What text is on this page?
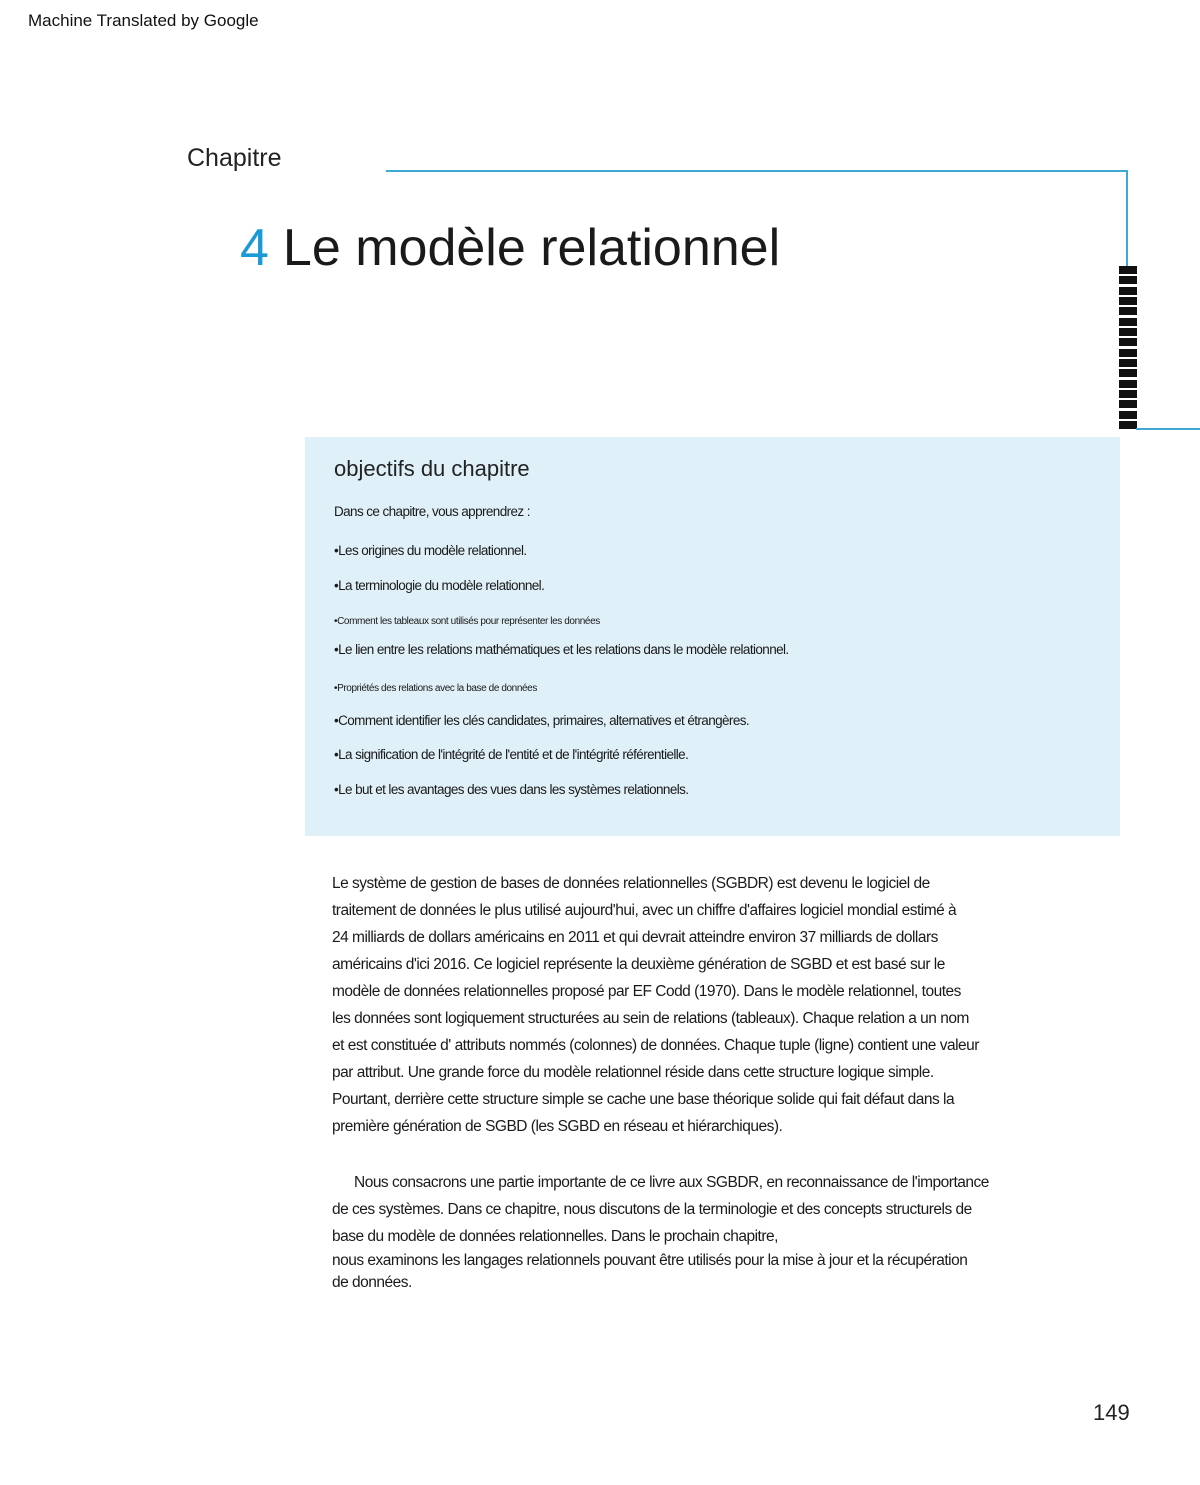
Machine Translated by Google
Chapitre
4 Le modèle relationnel
objectifs du chapitre
Dans ce chapitre, vous apprendrez :
•Les origines du modèle relationnel.
•La terminologie du modèle relationnel.
•Comment les tableaux sont utilisés pour représenter les données
•Le lien entre les relations mathématiques et les relations dans le modèle relationnel.
•Propriétés des relations avec la base de données
•Comment identifier les clés candidates, primaires, alternatives et étrangères.
•La signification de l'intégrité de l'entité et de l'intégrité référentielle.
•Le but et les avantages des vues dans les systèmes relationnels.
Le système de gestion de bases de données relationnelles (SGBDR) est devenu le logiciel de
traitement de données le plus utilisé aujourd'hui, avec un chiffre d'affaires logiciel mondial estimé à
24 milliards de dollars américains en 2011 et qui devrait atteindre environ 37 milliards de dollars
américains d'ici 2016. Ce logiciel représente la deuxième génération de SGBD et est basé sur le
modèle de données relationnelles proposé par EF Codd (1970). Dans le modèle relationnel, toutes
les données sont logiquement structurées au sein de relations (tableaux). Chaque relation a un nom
et est constituée d' attributs nommés (colonnes) de données. Chaque tuple (ligne) contient une valeur
par attribut. Une grande force du modèle relationnel réside dans cette structure logique simple.
Pourtant, derrière cette structure simple se cache une base théorique solide qui fait défaut dans la
première génération de SGBD (les SGBD en réseau et hiérarchiques).
Nous consacrons une partie importante de ce livre aux SGBDR, en reconnaissance de l'importance
de ces systèmes. Dans ce chapitre, nous discutons de la terminologie et des concepts structurels de
base du modèle de données relationnelles. Dans le prochain chapitre,
nous examinons les langages relationnels pouvant être utilisés pour la mise à jour et la récupération
de données.
149
